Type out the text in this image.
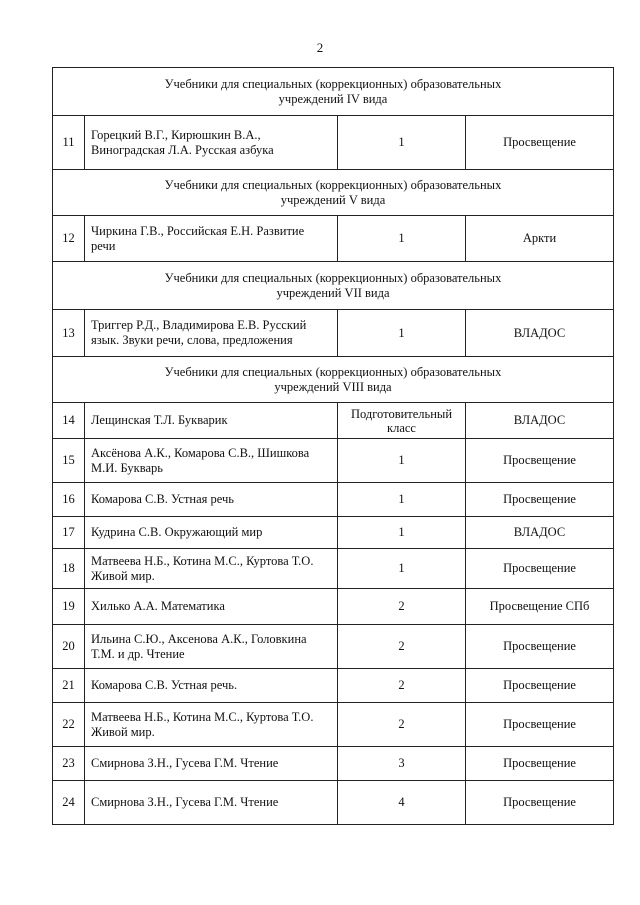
2
Учебники для специальных (коррекционных) образовательных учреждений IV вида			

11	Горецкий В.Г., Кирюшкин В.А., Виноградская Л.А. Русская азбука	1	Просвещение

Учебники для специальных (коррекционных) образовательных учреждений V вида			

12	Чиркина Г.В., Российская Е.Н. Развитие речи	1	Аркти

Учебники для специальных (коррекционных) образовательных учреждений VII вида			

13	Триггер Р.Д., Владимирова Е.В. Русский язык. Звуки речи, слова, предложения	1	ВЛАДОС

Учебники для специальных (коррекционных) образовательных учреждений VIII вида			

14	Лещинская Т.Л. Букварик	Подготовительный класс	ВЛАДОС
15	Аксёнова А.К., Комарова С.В., Шишкова М.И. Букварь	1	Просвещение
16	Комарова С.В. Устная речь	1	Просвещение
17	Кудрина С.В. Окружающий мир	1	ВЛАДОС
18	Матвеева Н.Б., Котина М.С., Куртова Т.О. Живой мир.	1	Просвещение
19	Хилько А.А. Математика	2	Просвещение СПб
20	Ильина С.Ю., Аксенова А.К., Головкина Т.М. и др. Чтение	2	Просвещение
21	Комарова С.В. Устная речь.	2	Просвещение
22	Матвеева Н.Б., Котина М.С., Куртова Т.О. Живой мир.	2	Просвещение
23	Смирнова З.Н., Гусева Г.М. Чтение	3	Просвещение
24	Смирнова З.Н., Гусева Г.М. Чтение	4	Просвещение
